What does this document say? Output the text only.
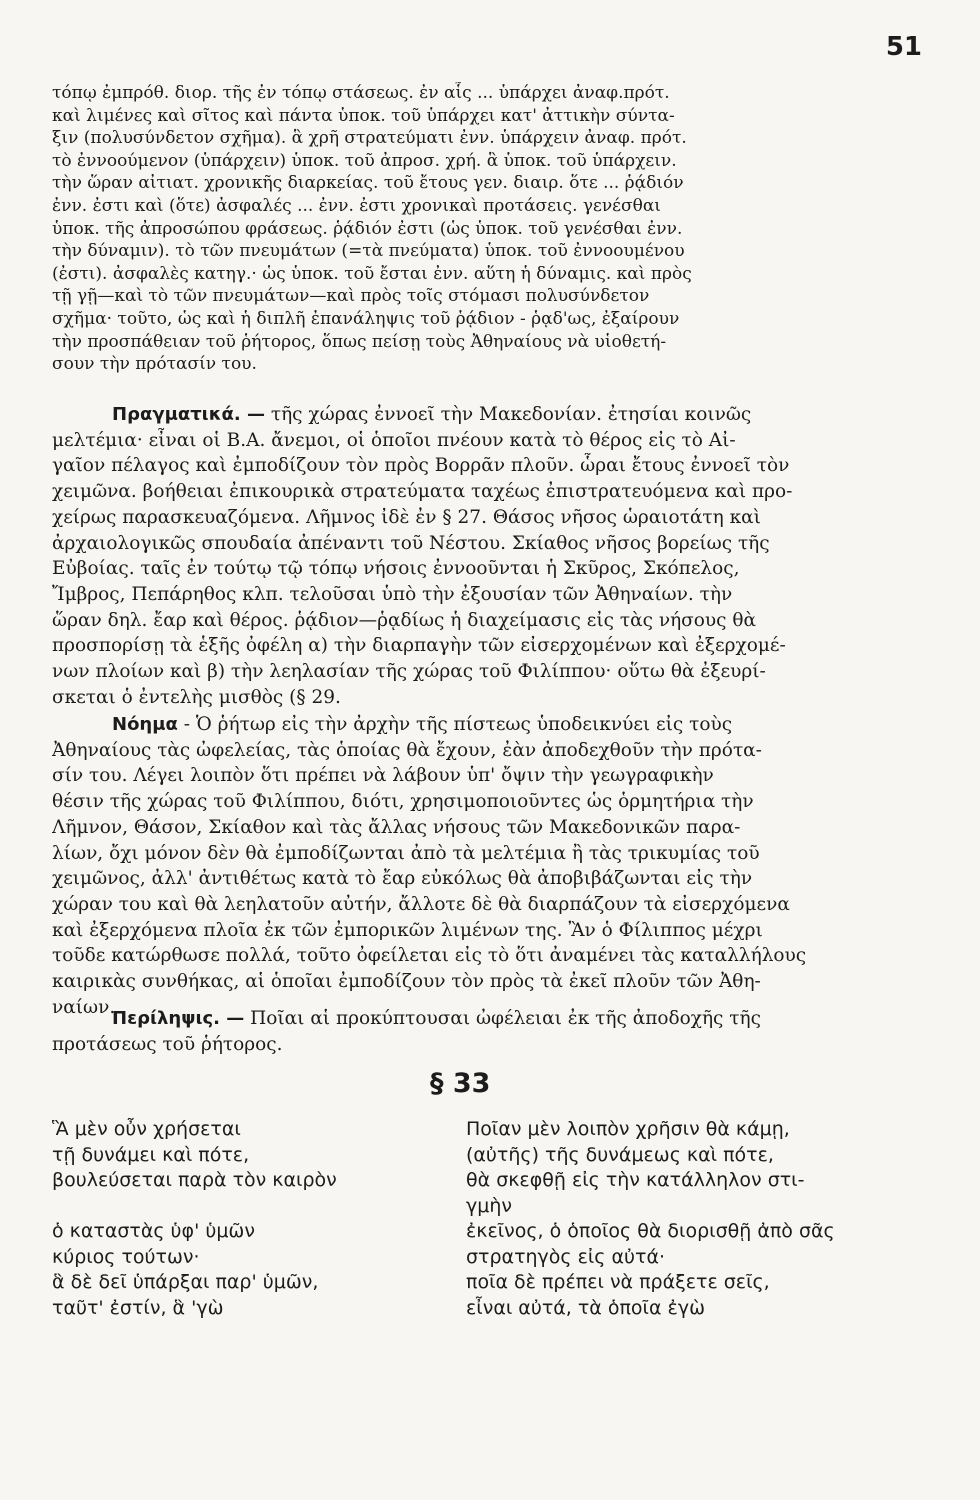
51
τόπῳ ἐμπρόθ. διορ. τῆς ἐν τόπῳ στάσεως. ἐν αἷς ... ὑπάρχει ἀναφ.πρότ.
καὶ λιμένες καὶ σῖτος καὶ πάντα ὑποκ. τοῦ ὑπάρχει κατ' ἀττικὴν σύντα-
ξιν (πολυσύνδετον σχῆμα). ἃ χρῆ στρατεύματι ἐνν. ὑπάρχειν ἀναφ. πρότ.
τὸ ἐννοούμενον (ὑπάρχειν) ὑποκ. τοῦ ἀπροσ. χρή. ἃ ὑποκ. τοῦ ὑπάρχειν.
τὴν ὥραν αἰτιατ. χρονικῆς διαρκείας. τοῦ ἔτους γεν. διαιρ. ὅτε ... ῥᾴδιόν
ἐνν. ἐστι καὶ (ὅτε) ἀσφαλές ... ἐνν. ἐστι χρονικαὶ προτάσεις. γενέσθαι
ὑποκ. τῆς ἀπροσώπου φράσεως. ῥᾴδιόν ἐστι (ὡς ὑποκ. τοῦ γενέσθαι ἐνν.
τὴν δύναμιν). τὸ τῶν πνευμάτων (=τὰ πνεύματα) ὑποκ. τοῦ ἐννοουμένου
(ἐστι). ἀσφαλὲς κατηγ.· ὡς ὑποκ. τοῦ ἔσται ἐνν. αὕτη ἡ δύναμις. καὶ πρὸς
τῇ γῇ—καὶ τὸ τῶν πνευμάτων—καὶ πρὸς τοῖς στόμασι πολυσύνδετον
σχῆμα· τοῦτο, ὡς καὶ ἡ διπλῆ ἐπανάληψις τοῦ ῥᾴδιον - ῥᾳδ'ως, ἐξαίρουν
τὴν προσπάθειαν τοῦ ῥήτορος, ὅπως πείσῃ τοὺς Ἀθηναίους νὰ υἱοθετή-
σουν τὴν πρότασίν του.
Πραγματικά. — τῆς χώρας ἐννοεῖ τὴν Μακεδονίαν. ἐτησίαι κοινῶς
μελτέμια· εἶναι οἱ Β.Α. ἄνεμοι, οἱ ὁποῖοι πνέουν κατὰ τὸ θέρος εἰς τὸ Αἰ-
γαῖον πέλαγος καὶ ἐμποδίζουν τὸν πρὸς Βορρᾶν πλοῦν. ὧραι ἔτους ἐννοεῖ τὸν
χειμῶνα. βοήθειαι ἐπικουρικὰ στρατεύματα ταχέως ἐπιστρατευόμενα καὶ προ-
χείρως παρασκευαζόμενα. Λῆμνος ἰδὲ ἐν § 27. Θάσος νῆσος ὡραιοτάτη καὶ
ἀρχαιολογικῶς σπουδαία ἀπέναντι τοῦ Νέστου. Σκίαθος νῆσος βορείως τῆς
Εὐβοίας. ταῖς ἐν τούτῳ τῷ τόπῳ νήσοις ἐννοοῦνται ἡ Σκῦρος, Σκόπελος,
Ἴμβρος, Πεπάρηθος κλπ. τελοῦσαι ὑπὸ τὴν ἐξουσίαν τῶν Ἀθηναίων. τὴν
ὥραν δηλ. ἔαρ καὶ θέρος. ῥᾴδιον—ῥᾳδίως ἡ διαχείμασις εἰς τὰς νήσους θὰ
προσπορίσῃ τὰ ἑξῆς ὀφέλη α) τὴν διαρπαγὴν τῶν εἰσερχομένων καὶ ἐξερχομέ-
νων πλοίων καὶ β) τὴν λεηλασίαν τῆς χώρας τοῦ Φιλίππου· οὕτω θὰ ἐξευρί-
σκεται ὁ ἐντελὴς μισθὸς (§ 29.
Νόημα - Ὁ ῥήτωρ εἰς τὴν ἀρχὴν τῆς πίστεως ὑποδεικνύει εἰς τοὺς
Ἀθηναίους τὰς ὠφελείας, τὰς ὁποίας θὰ ἔχουν, ἐὰν ἀποδεχθοῦν τὴν πρότα-
σίν του. Λέγει λοιπὸν ὅτι πρέπει νὰ λάβουν ὑπ' ὄψιν τὴν γεωγραφικὴν
θέσιν τῆς χώρας τοῦ Φιλίππου, διότι, χρησιμοποιοῦντες ὡς ὁρμητήρια τὴν
Λῆμνον, Θάσον, Σκίαθον καὶ τὰς ἄλλας νήσους τῶν Μακεδονικῶν παρα-
λίων, ὄχι μόνον δὲν θὰ ἐμποδίζωνται ἀπὸ τὰ μελτέμια ἢ τὰς τρικυμίας τοῦ
χειμῶνος, ἀλλ' ἀντιθέτως κατὰ τὸ ἔαρ εὐκόλως θὰ ἀποβιβάζωνται εἰς τὴν
χώραν του καὶ θὰ λεηλατοῦν αὐτήν, ἄλλοτε δὲ θὰ διαρπάζουν τὰ εἰσερχόμενα
καὶ ἐξερχόμενα πλοῖα ἐκ τῶν ἐμπορικῶν λιμένων της. Ἂν ὁ Φίλιππος μέχρι
τοῦδε κατώρθωσε πολλά, τοῦτο ὀφείλεται εἰς τὸ ὅτι ἀναμένει τὰς καταλλήλους
καιρικὰς συνθήκας, αἱ ὁποῖαι ἐμποδίζουν τὸν πρὸς τὰ ἐκεῖ πλοῦν τῶν Ἀθη-
ναίων.
Περίληψις. — Ποῖαι αἱ προκύπτουσαι ὠφέλειαι ἐκ τῆς ἀποδοχῆς τῆς
προτάσεως τοῦ ῥήτορος.
§ 33
Ἃ μὲν οὖν χρήσεται
τῇ δυνάμει καὶ πότε,
βουλεύσεται παρὰ τὸν καιρὸν
ὁ καταστὰς ὑφ' ὑμῶν
κύριος τούτων·
ἃ δὲ δεῖ ὑπάρξαι παρ' ὑμῶν,
ταῦτ' ἐστίν, ἃ 'γὼ
Ποῖαν μὲν λοιπὸν χρῆσιν θὰ κάμῃ,
(αὐτῆς) τῆς δυνάμεως καὶ πότε,
θὰ σκεφθῇ εἰς τὴν κατάλληλον στι-
γμὴν
ἐκεῖνος, ὁ ὁποῖος θὰ διορισθῇ ἀπὸ σᾶς
στρατηγὸς εἰς αὐτά·
ποῖα δὲ πρέπει νὰ πράξετε σεῖς,
εἶναι αὐτά, τὰ ὁποῖα ἐγὼ
